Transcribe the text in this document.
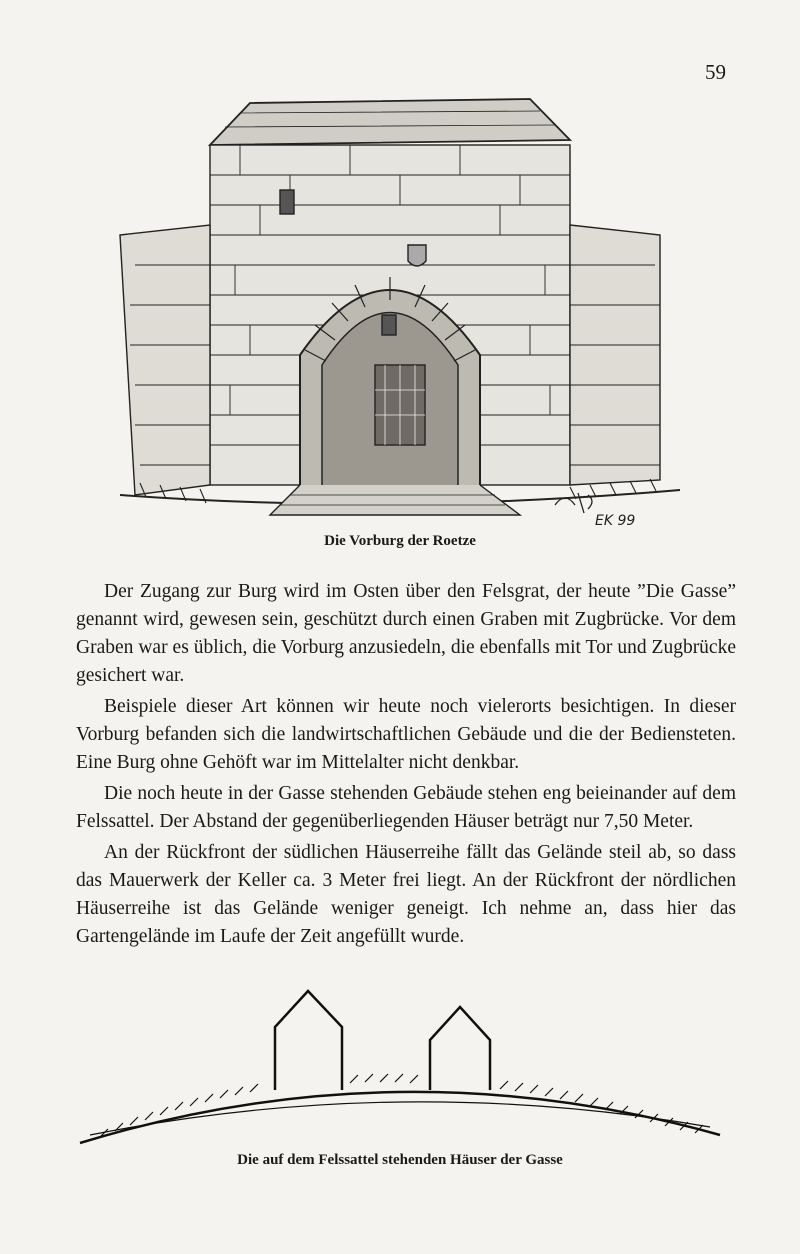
59
EK 99
Die Vorburg der Roetze

Der Zugang zur Burg wird im Osten über den Felsgrat, der heute ”Die Gasse” genannt wird, gewesen sein, geschützt durch einen Graben mit Zugbrücke. Vor dem Graben war es üblich, die Vorburg anzusiedeln, die ebenfalls mit Tor und Zugbrücke gesichert war.

Beispiele dieser Art können wir heute noch vielerorts besichtigen. In dieser Vorburg befanden sich die landwirtschaftlichen Gebäude und die der Bediensteten. Eine Burg ohne Gehöft war im Mittelalter nicht denkbar.

Die noch heute in der Gasse stehenden Gebäude stehen eng beieinander auf dem Felssattel. Der Abstand der gegenüberliegenden Häuser beträgt nur 7,50 Meter.

An der Rückfront der südlichen Häuserreihe fällt das Gelände steil ab, so dass das Mauerwerk der Keller ca. 3 Meter frei liegt. An der Rückfront der nördlichen Häuserreihe ist das Gelände weniger geneigt. Ich nehme an, dass hier das Gartengelände im Laufe der Zeit angefüllt wurde.

Die auf dem Felssattel stehenden Häuser der Gasse
